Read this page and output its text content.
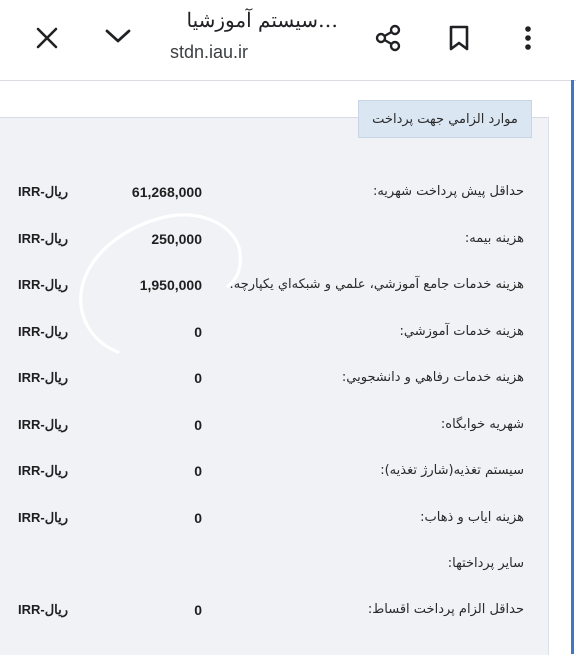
سیستم آموزشیا…
stdn.iau.ir
موارد الزامي جهت پرداخت
حداقل پيش پرداخت شهريه:
61,268,000
IRR-ريال
هزينه بيمه:
250,000
IRR-ريال
هزينه خدمات جامع آموزشي، علمي و شبكه‌اي يكپارچه:
1,950,000
IRR-ريال
هزينه خدمات آموزشي:
0
IRR-ريال
هزينه خدمات رفاهي و دانشجويي:
0
IRR-ريال
شهريه خوابگاه:
0
IRR-ريال
سيستم تغذيه(شارژ تغذيه):
0
IRR-ريال
هزينه اياب و ذهاب:
0
IRR-ريال
ساير پرداختها:
حداقل الزام پرداخت اقساط:
0
IRR-ريال
